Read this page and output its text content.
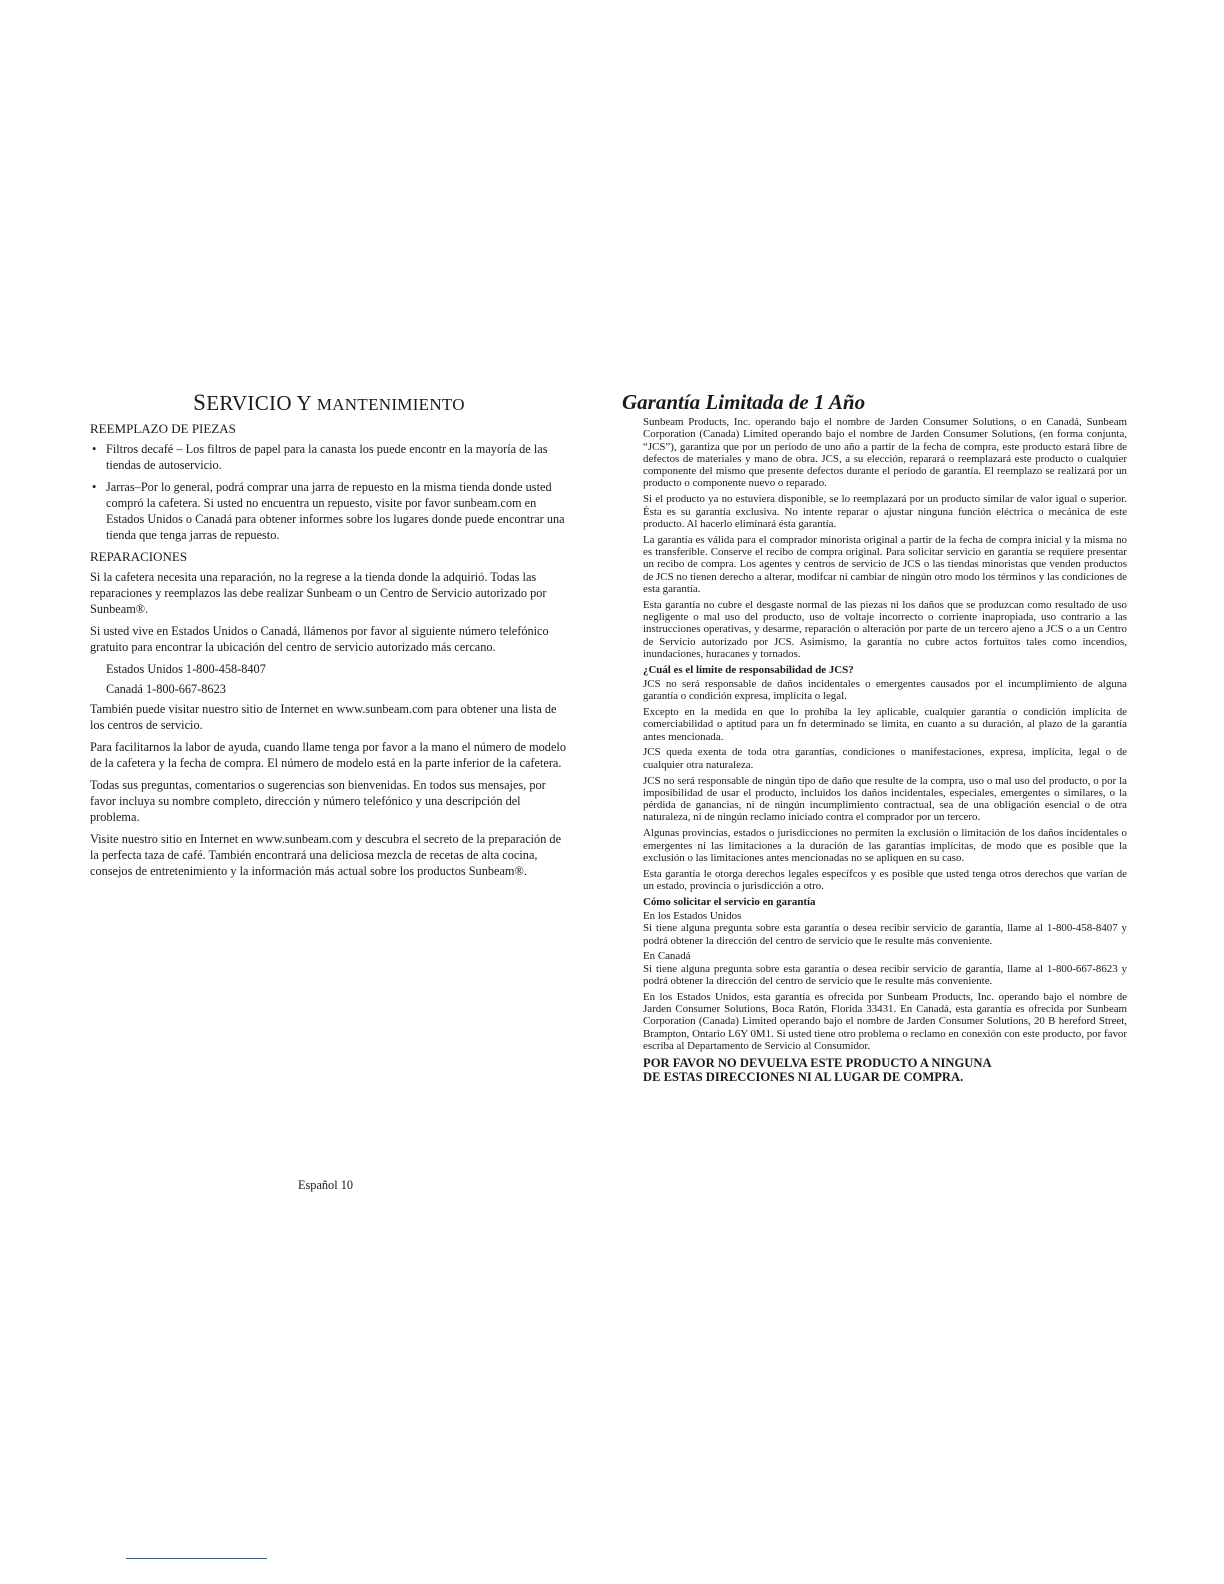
SERVICIO Y MANTENIMIENTO
REEMPLAZO DE PIEZAS
• Filtros decafé – Los filtros de papel para la canasta los puede encontr en la mayoría de las tiendas de autoservicio.
• Jarras–Por lo general, podrá comprar una jarra de repuesto en la misma tienda donde usted compró la cafetera. Si usted no encuentra un repuesto, visite por favor sunbeam.com en Estados Unidos o Canadá para obtener informes sobre los lugares donde puede encontrar una tienda que tenga jarras de repuesto.
REPARACIONES

Si la cafetera necesita una reparación, no la regrese a la tienda donde la adquirió. Todas las reparaciones y reemplazos las debe realizar Sunbeam o un Centro de Servicio autorizado por Sunbeam®.

Si usted vive en Estados Unidos o Canadá, llámenos por favor al siguiente número telefónico gratuito para encontrar la ubicación del centro de servicio autorizado más cercano.

Estados Unidos 1-800-458-8407

Canadá 1-800-667-8623

También puede visitar nuestro sitio de Internet en www.sunbeam.com para obtener una lista de los centros de servicio.

Para facilitarnos la labor de ayuda, cuando llame tenga por favor a la mano el número de modelo de la cafetera y la fecha de compra. El número de modelo está en la parte inferior de la cafetera.

Todas sus preguntas, comentarios o sugerencias son bienvenidas. En todos sus mensajes, por favor incluya su nombre completo, dirección y número telefónico y una descripción del problema.

Visite nuestro sitio en Internet en www.sunbeam.com y descubra el secreto de la preparación de la perfecta taza de café. También encontrará una deliciosa mezcla de recetas de alta cocina, consejos de entretenimiento y la información más actual sobre los productos Sunbeam®.

Español 10
Garantía Limitada de 1 Año

Sunbeam Products, Inc. operando bajo el nombre de Jarden Consumer Solutions, o en Canadá, Sunbeam Corporation (Canada) Limited operando bajo el nombre de Jarden Consumer Solutions, (en forma conjunta, “JCS”), garantiza que por un período de uno año a partir de la fecha de compra, este producto estará libre de defectos de materiales y mano de obra. JCS, a su elección, reparará o reemplazará este producto o cualquier componente del mismo que presente defectos durante el período de garantía. El reemplazo se realizará por un producto o componente nuevo o reparado.

Si el producto ya no estuviera disponible, se lo reemplazará por un producto similar de valor igual o superior. Ésta es su garantía exclusiva. No intente reparar o ajustar ninguna función eléctrica o mecánica de este producto. Al hacerlo elimínará ésta garantía.

La garantía es válida para el comprador minorista original a partir de la fecha de compra inicial y la misma no es transferible. Conserve el recibo de compra original. Para solicitar servicio en garantía se requiere presentar un recibo de compra. Los agentes y centros de servicio de JCS o las tiendas minoristas que venden productos de JCS no tienen derecho a alterar, modifcar ni cambiar de ningún otro modo los términos y las condiciones de esta garantía.

Esta garantía no cubre el desgaste normal de las piezas ni los daños que se produzcan como resultado de uso negligente o mal uso del producto, uso de voltaje incorrecto o corriente inapropiada, uso contrario a las instrucciones operativas, y desarme, reparación o alteración por parte de un tercero ajeno a JCS o a un Centro de Servicio autorizado por JCS. Asimismo, la garantía no cubre actos fortuitos tales como incendios, inundaciones, huracanes y tornados.

¿Cuál es el límite de responsabilidad de JCS?

JCS no será responsable de daños incidentales o emergentes causados por el incumplimiento de alguna garantía o condición expresa, implícita o legal.

Excepto en la medida en que lo prohíba la ley aplicable, cualquier garantía o condición implícita de comerciabilidad o aptitud para un fn determinado se limita, en cuanto a su duración, al plazo de la garantía antes mencionada.

JCS queda exenta de toda otra garantías, condiciones o manifestaciones, expresa, implícita, legal o de cualquier otra naturaleza.

JCS no será responsable de ningún tipo de daño que resulte de la compra, uso o mal uso del producto, o por la imposibilidad de usar el producto, incluidos los daños incidentales, especiales, emergentes o similares, o la pérdida de ganancias, ni de ningún incumplimiento contractual, sea de una obligación esencial o de otra naturaleza, ni de ningún reclamo iniciado contra el comprador por un tercero.

Algunas provincias, estados o jurisdicciones no permiten la exclusión o limitación de los daños incidentales o emergentes ni las limitaciones a la duración de las garantías implícitas, de modo que es posible que la exclusión o las limitaciones antes mencionadas no se apliquen en su caso.

Esta garantía le otorga derechos legales específcos y es posible que usted tenga otros derechos que varían de un estado, provincia o jurisdicción a otro.

Cómo solicitar el servicio en garantía

En los Estados Unidos

Si tiene alguna pregunta sobre esta garantía o desea recibir servicio de garantía, llame al 1-800-458-8407 y podrá obtener la dirección del centro de servicio que le resulte más conveniente.

En Canadá

Si tiene alguna pregunta sobre esta garantía o desea recibir servicio de garantía, llame al 1-800-667-8623 y podrá obtener la dirección del centro de servicio que le resulte más conveniente.

En los Estados Unidos, esta garantía es ofrecida por Sunbeam Products, Inc. operando bajo el nombre de Jarden Consumer Solutions, Boca Ratón, Florida 33431. En Canadá, esta garantía es ofrecida por Sunbeam Corporation (Canada) Limited operando bajo el nombre de Jarden Consumer Solutions, 20 B hereford Street, Brampton, Ontario L6Y 0M1. Si usted tiene otro problema o reclamo en conexión con este producto, por favor escriba al Departamento de Servicio al Consumidor.

POR FAVOR NO DEVUELVA ESTE PRODUCTO A NINGUNA
DE ESTAS DIRECCIONES NI AL LUGAR DE COMPRA.
